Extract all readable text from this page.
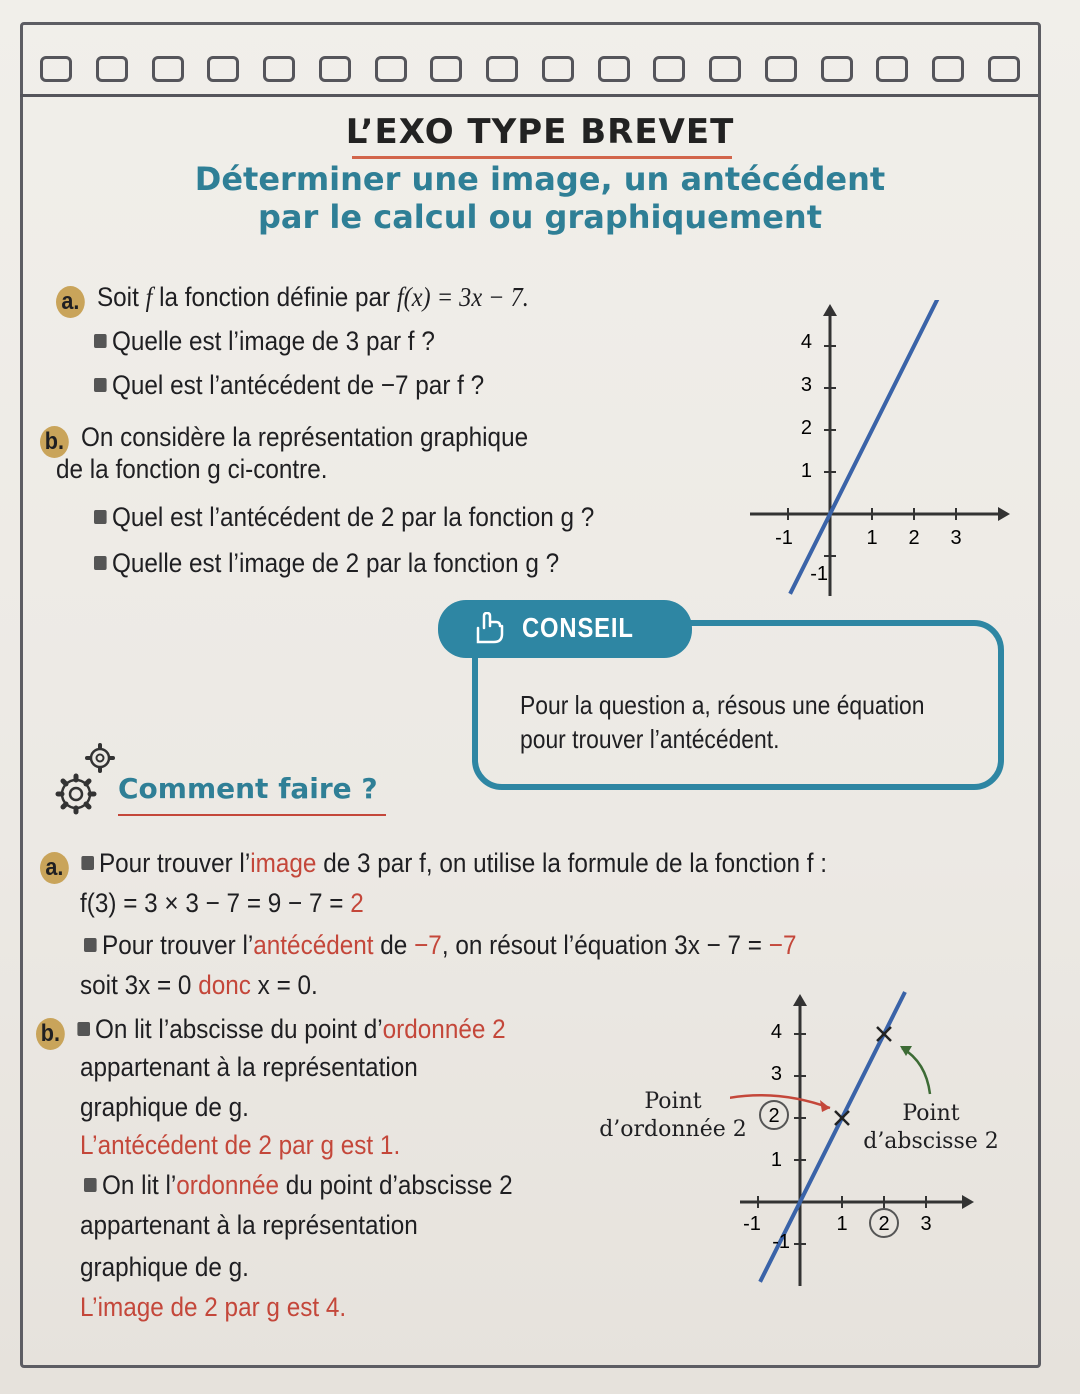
L’EXO TYPE BREVET
Déterminer une image, un antécédent
par le calcul ou graphiquement
a. Soit f la fonction définie par f(x) = 3x − 7.
Quelle est l’image de 3 par f ?
Quel est l’antécédent de −7 par f ?
b. On considère la représentation graphique
de la fonction g ci-contre.
Quel est l’antécédent de 2 par la fonction g ?
Quelle est l’image de 2 par la fonction g ?
4
3
2
1
-1
-1	1 2 3
CONSEIL
Pour la question a, résous une équation
pour trouver l’antécédent.
Comment faire ?
a. Pour trouver l’image de 3 par f, on utilise la formule de la fonction f :
f(3) = 3 × 3 − 7 = 9 − 7 = 2
Pour trouver l’antécédent de −7, on résout l’équation 3x − 7 = −7
soit 3x = 0 donc x = 0.
b. On lit l’abscisse du point d’ordonnée 2
appartenant à la représentation
graphique de g.
L’antécédent de 2 par g est 1.
On lit l’ordonnée du point d’abscisse 2
appartenant à la représentation
graphique de g.
L’image de 2 par g est 4.
4
3
2
1
-1
-1	1 2 3
Point
d’ordonnée 2
Point
d’abscisse 2
